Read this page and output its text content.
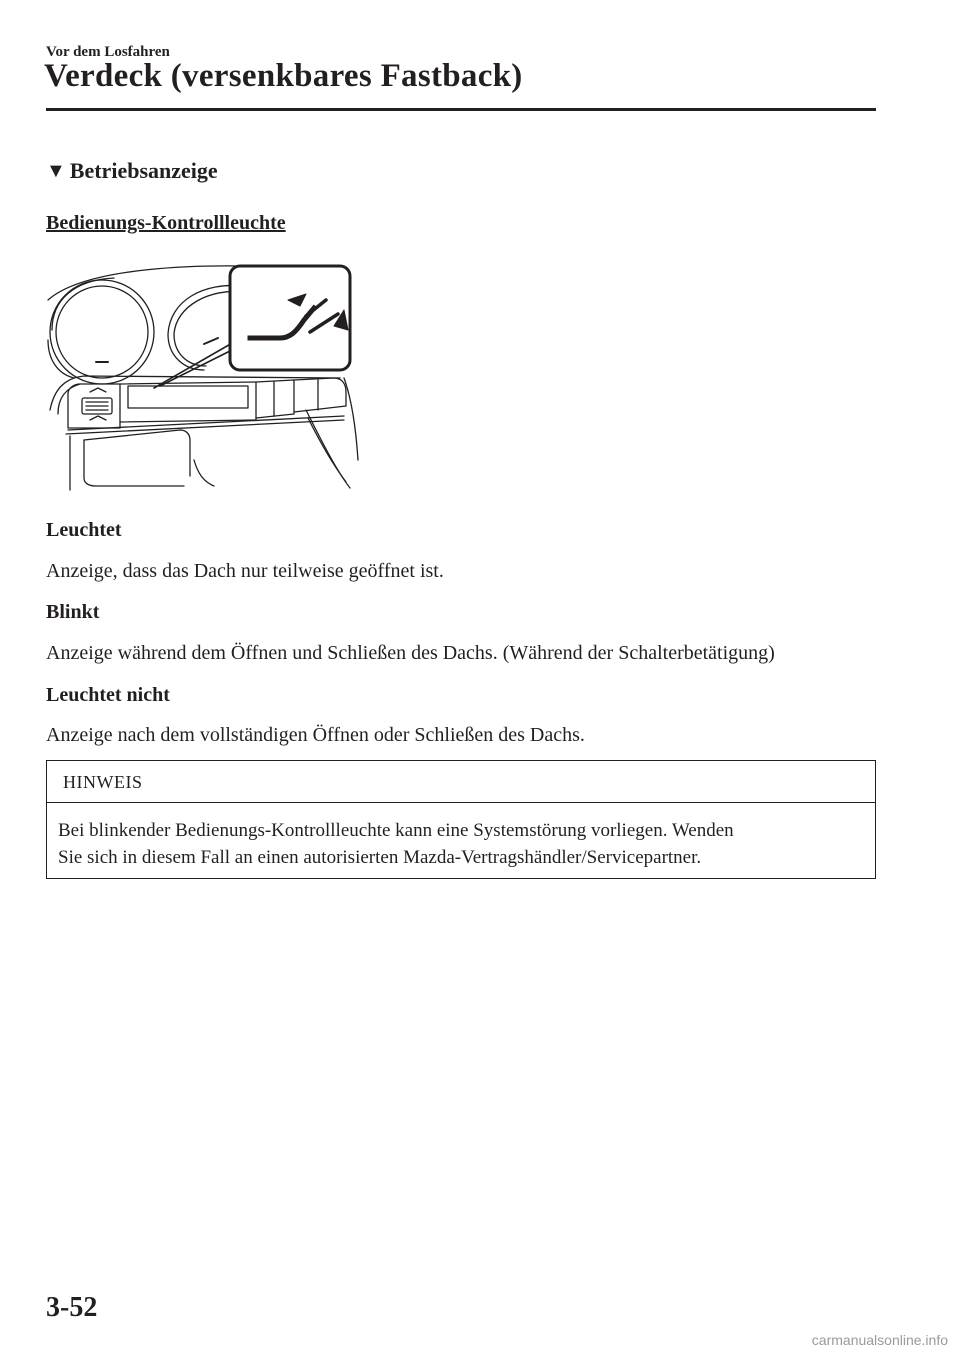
Vor dem Losfahren
Verdeck (versenkbares Fastback)
▼ Betriebsanzeige
Bedienungs-Kontrollleuchte
Leuchtet
Anzeige, dass das Dach nur teilweise geöffnet ist.
Blinkt
Anzeige während dem Öffnen und Schließen des Dachs. (Während der Schalterbetätigung)
Leuchtet nicht
Anzeige nach dem vollständigen Öffnen oder Schließen des Dachs.
HINWEIS
Bei blinkender Bedienungs-Kontrollleuchte kann eine Systemstörung vorliegen. Wenden
Sie sich in diesem Fall an einen autorisierten Mazda-Vertragshändler/Servicepartner.
3-52
carmanualsonline.info
